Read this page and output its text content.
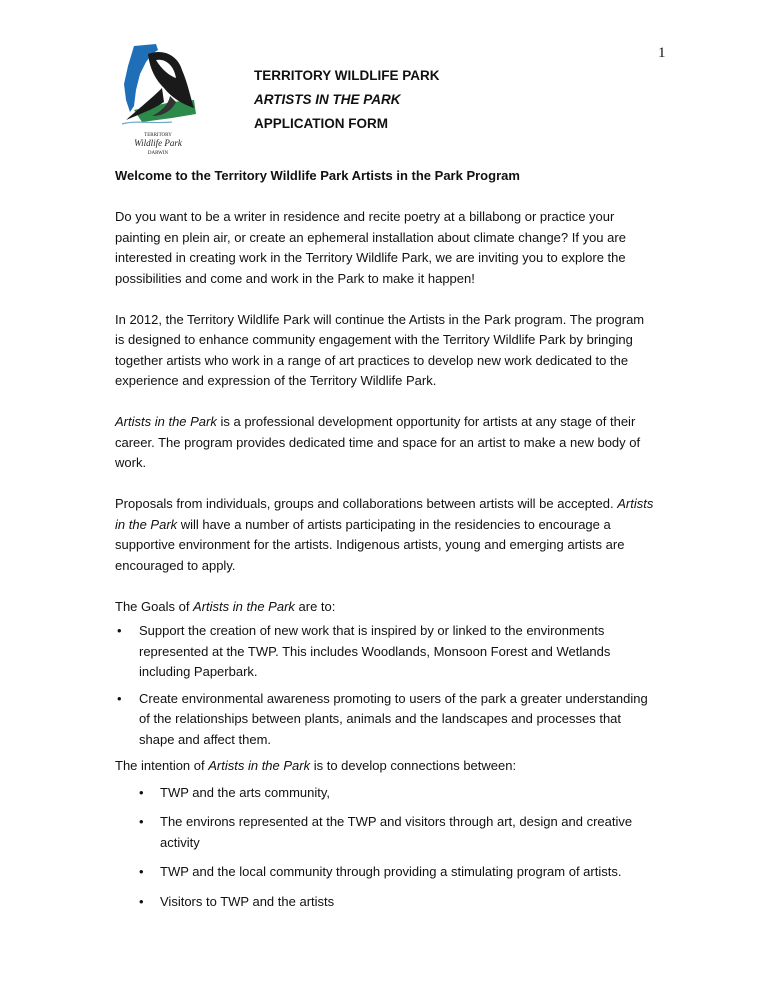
1
TERRITORY
Wildlife Park
DARWIN
TERRITORY WILDLIFE PARK
ARTISTS IN THE PARK
APPLICATION FORM

Welcome to the Territory Wildlife Park Artists in the Park Program

Do you want to be a writer in residence and recite poetry at a billabong or practice your painting en plein air, or create an ephemeral installation about climate change? If you are interested in creating work in the Territory Wildlife Park, we are inviting you to explore the possibilities and come and work in the Park to make it happen!

In 2012, the Territory Wildlife Park will continue the Artists in the Park program. The program is designed to enhance community engagement with the Territory Wildlife Park by bringing together artists who work in a range of art practices to develop new work dedicated to the experience and expression of the Territory Wildlife Park.

Artists in the Park is a professional development opportunity for artists at any stage of their career. The program provides dedicated time and space for an artist to make a new body of work.

Proposals from individuals, groups and collaborations between artists will be accepted. Artists in the Park will have a number of artists participating in the residencies to encourage a supportive environment for the artists. Indigenous artists, young and emerging artists are encouraged to apply.

The Goals of Artists in the Park are to:

• Support the creation of new work that is inspired by or linked to the environments represented at the TWP. This includes Woodlands, Monsoon Forest and Wetlands including Paperbark.
• Create environmental awareness promoting to users of the park a greater understanding of the relationships between plants, animals and the landscapes and processes that shape and affect them.

The intention of Artists in the Park is to develop connections between:

• TWP and the arts community,
• The environs represented at the TWP and visitors through art, design and creative activity
• TWP and the local community through providing a stimulating program of artists.
• Visitors to TWP and the artists
